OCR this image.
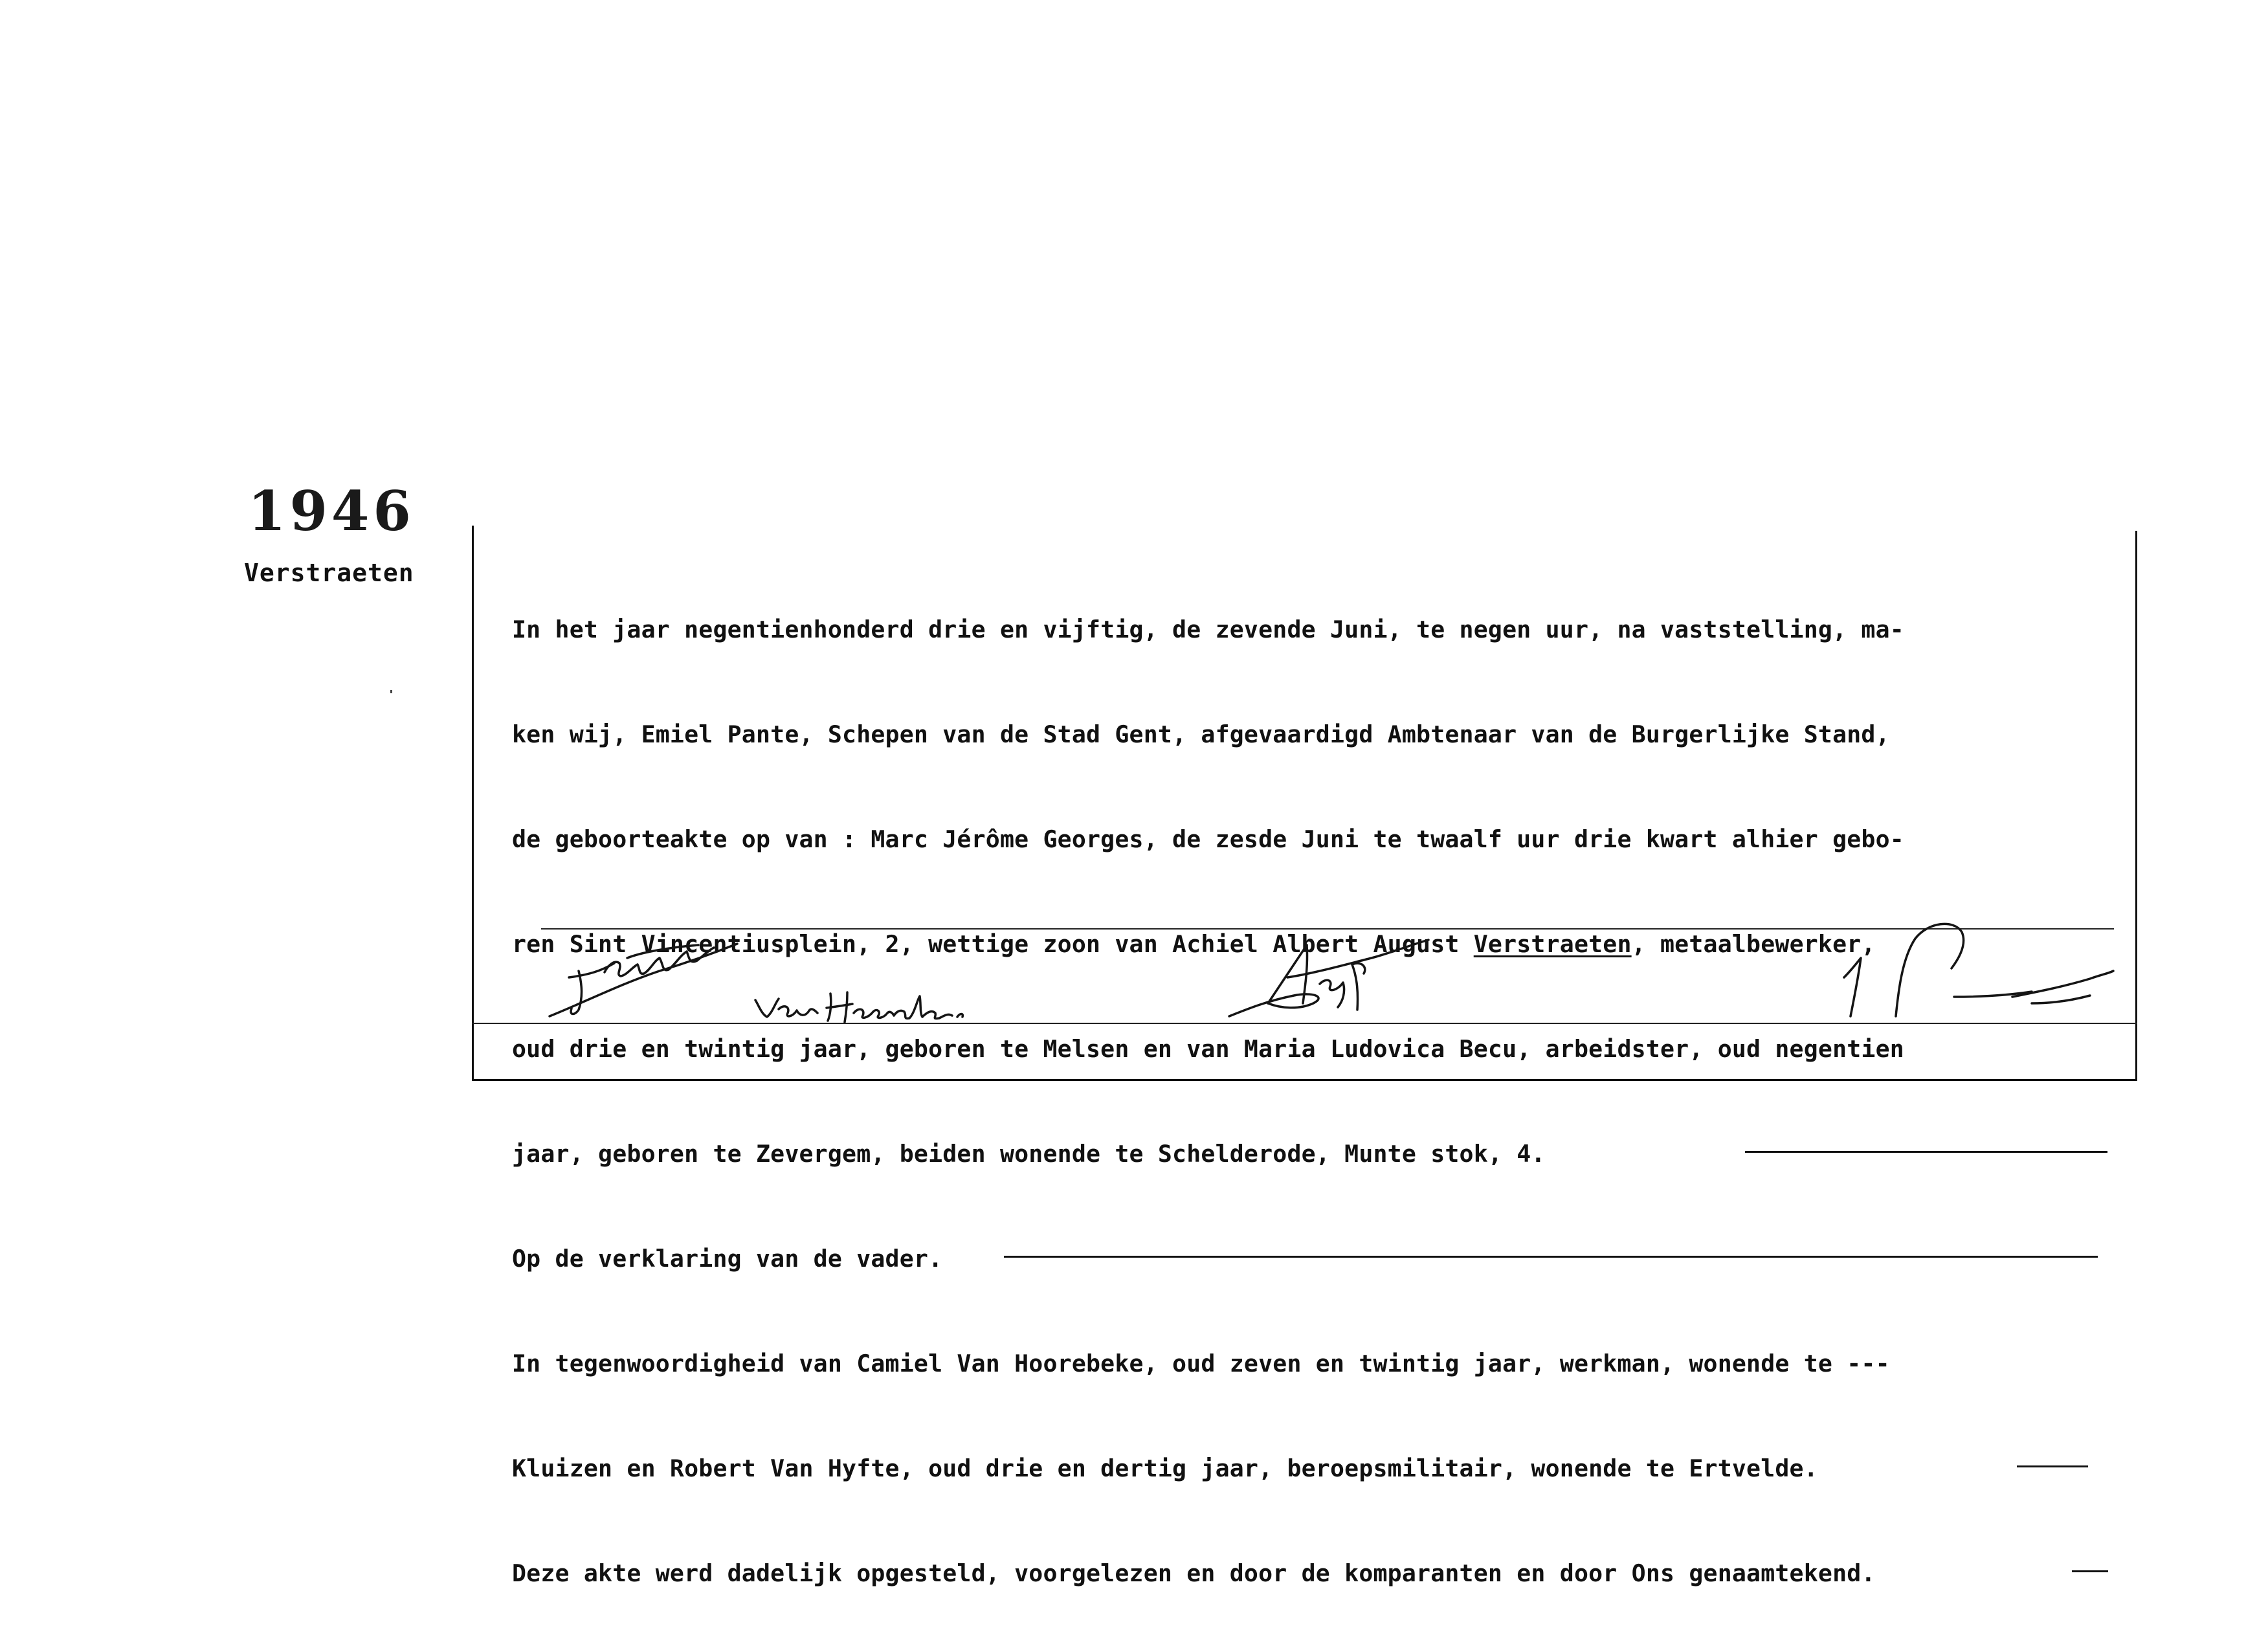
1946
Verstraeten

In het jaar negentienhonderd drie en vijftig, de zevende Juni, te negen uur, na vaststelling, ma-

ken wij, Emiel Pante, Schepen van de Stad Gent, afgevaardigd Ambtenaar van de Burgerlijke Stand,

de geboorteakte op van : Marc Jérôme Georges, de zesde Juni te twaalf uur drie kwart alhier gebo-

ren Sint Vincentiusplein, 2, wettige zoon van Achiel Albert August Verstraeten, metaalbewerker,

oud drie en twintig jaar, geboren te Melsen en van Maria Ludovica Becu, arbeidster, oud negentien

jaar, geboren te Zevergem, beiden wonende te Schelderode, Munte stok, 4.

Op de verklaring van de vader.

In tegenwoordigheid van Camiel Van Hoorebeke, oud zeven en twintig jaar, werkman, wonende te ---

Kluizen en Robert Van Hyfte, oud drie en dertig jaar, beroepsmilitair, wonende te Ertvelde.

Deze akte werd dadelijk opgesteld, voorgelezen en door de komparanten en door Ons genaamtekend.
